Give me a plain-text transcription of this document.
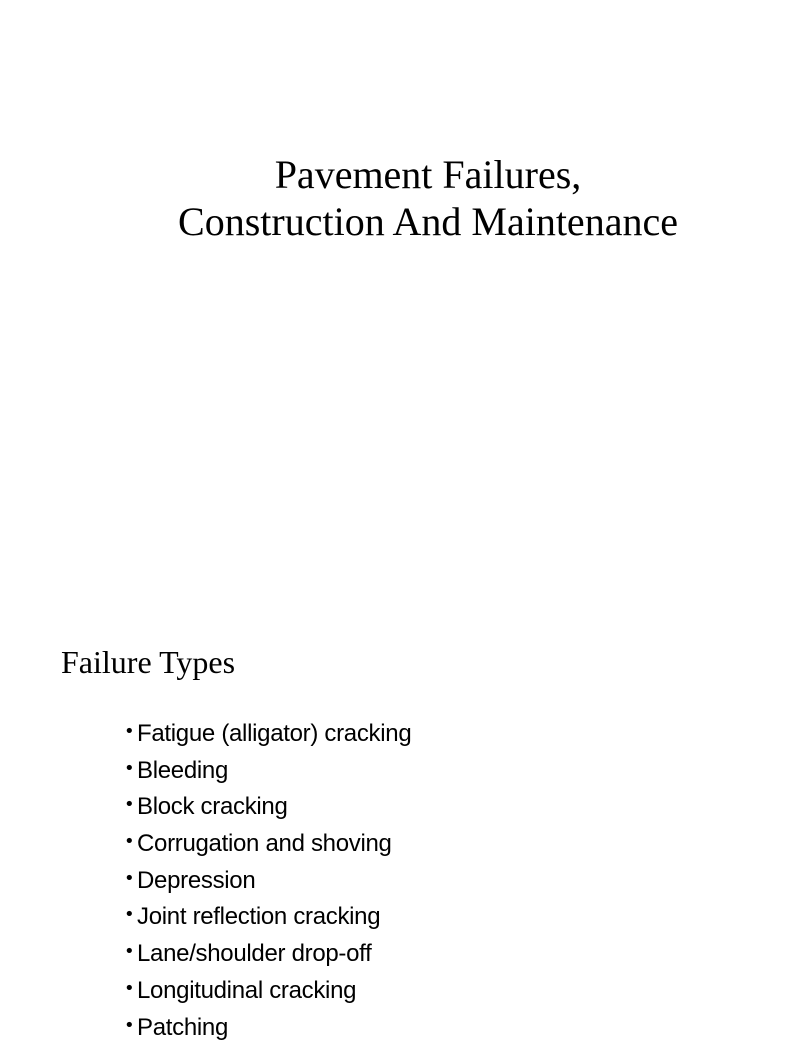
Pavement Failures,
Construction And Maintenance
Failure Types
•Fatigue (alligator) cracking
•Bleeding
•Block cracking
•Corrugation and shoving
•Depression
•Joint reflection cracking
•Lane/shoulder drop-off
•Longitudinal cracking
•Patching
